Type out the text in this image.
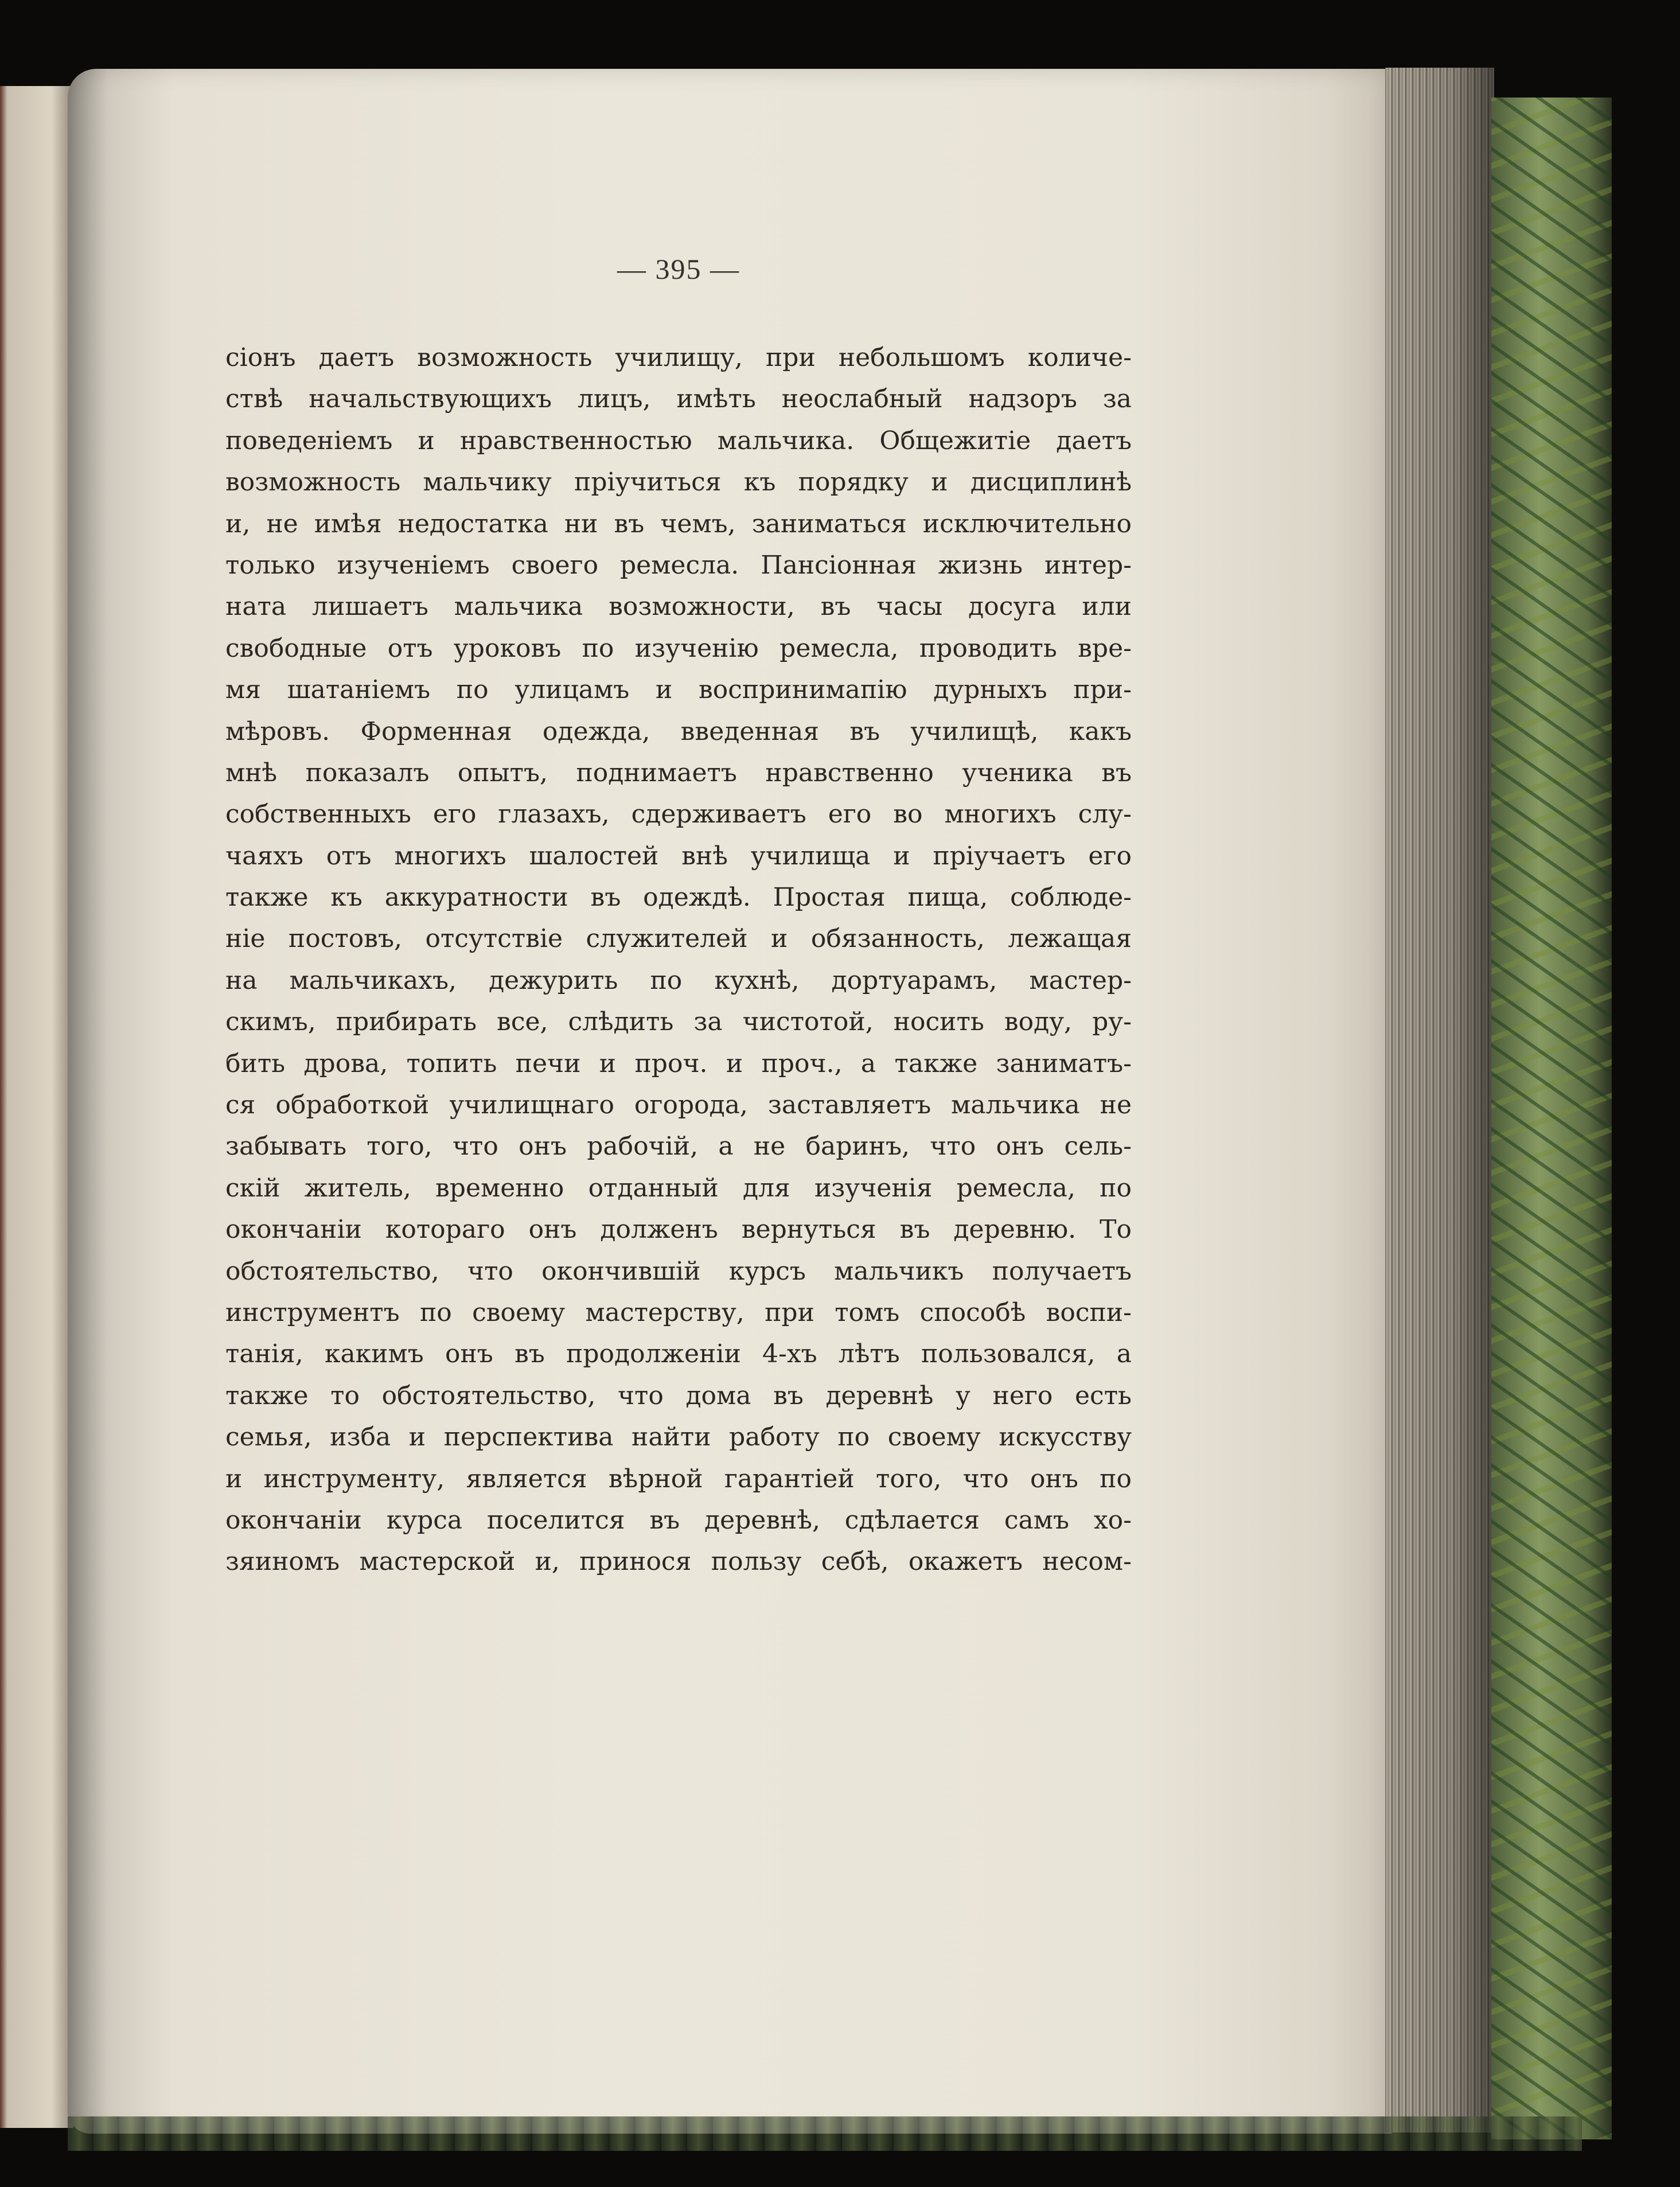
— 395 —
сіонъ даетъ возможность училищу, при небольшомъ количе-
ствѣ начальствующихъ лицъ, имѣть неослабный надзоръ за
поведеніемъ и нравственностью мальчика. Общежитіе даетъ
возможность мальчику пріучиться къ порядку и дисциплинѣ
и, не имѣя недостатка ни въ чемъ, заниматься исключительно
только изученіемъ своего ремесла. Пансіонная жизнь интер-
ната лишаетъ мальчика возможности, въ часы досуга или
свободные отъ уроковъ по изученію ремесла, проводить вре-
мя шатаніемъ по улицамъ и воспринимапію дурныхъ при-
мѣровъ. Форменная одежда, введенная въ училищѣ, какъ
мнѣ показалъ опытъ, поднимаетъ нравственно ученика въ
собственныхъ его глазахъ, сдерживаетъ его во многихъ слу-
чаяхъ отъ многихъ шалостей внѣ училища и пріучаетъ его
также къ аккуратности въ одеждѣ. Простая пища, соблюде-
ніе постовъ, отсутствіе служителей и обязанность, лежащая
на мальчикахъ, дежурить по кухнѣ, дортуарамъ, мастер-
скимъ, прибирать все, слѣдить за чистотой, носить воду, ру-
бить дрова, топить печи и проч. и проч., а также заниматъ-
ся обработкой училищнаго огорода, заставляетъ мальчика не
забывать того, что онъ рабочій, а не баринъ, что онъ сель-
скій житель, временно отданный для изученія ремесла, по
окончаніи котораго онъ долженъ вернуться въ деревню. То
обстоятельство, что окончившій курсъ мальчикъ получаетъ
инструментъ по своему мастерству, при томъ способѣ воспи-
танія, какимъ онъ въ продолженіи 4-хъ лѣтъ пользовался, а
также то обстоятельство, что дома въ деревнѣ у него есть
семья, изба и перспектива найти работу по своему искусству
и инструменту, является вѣрной гарантіей того, что онъ по
окончаніи курса поселится въ деревнѣ, сдѣлается самъ хо-
зяиномъ мастерской и, принося пользу себѣ, окажетъ несом-
